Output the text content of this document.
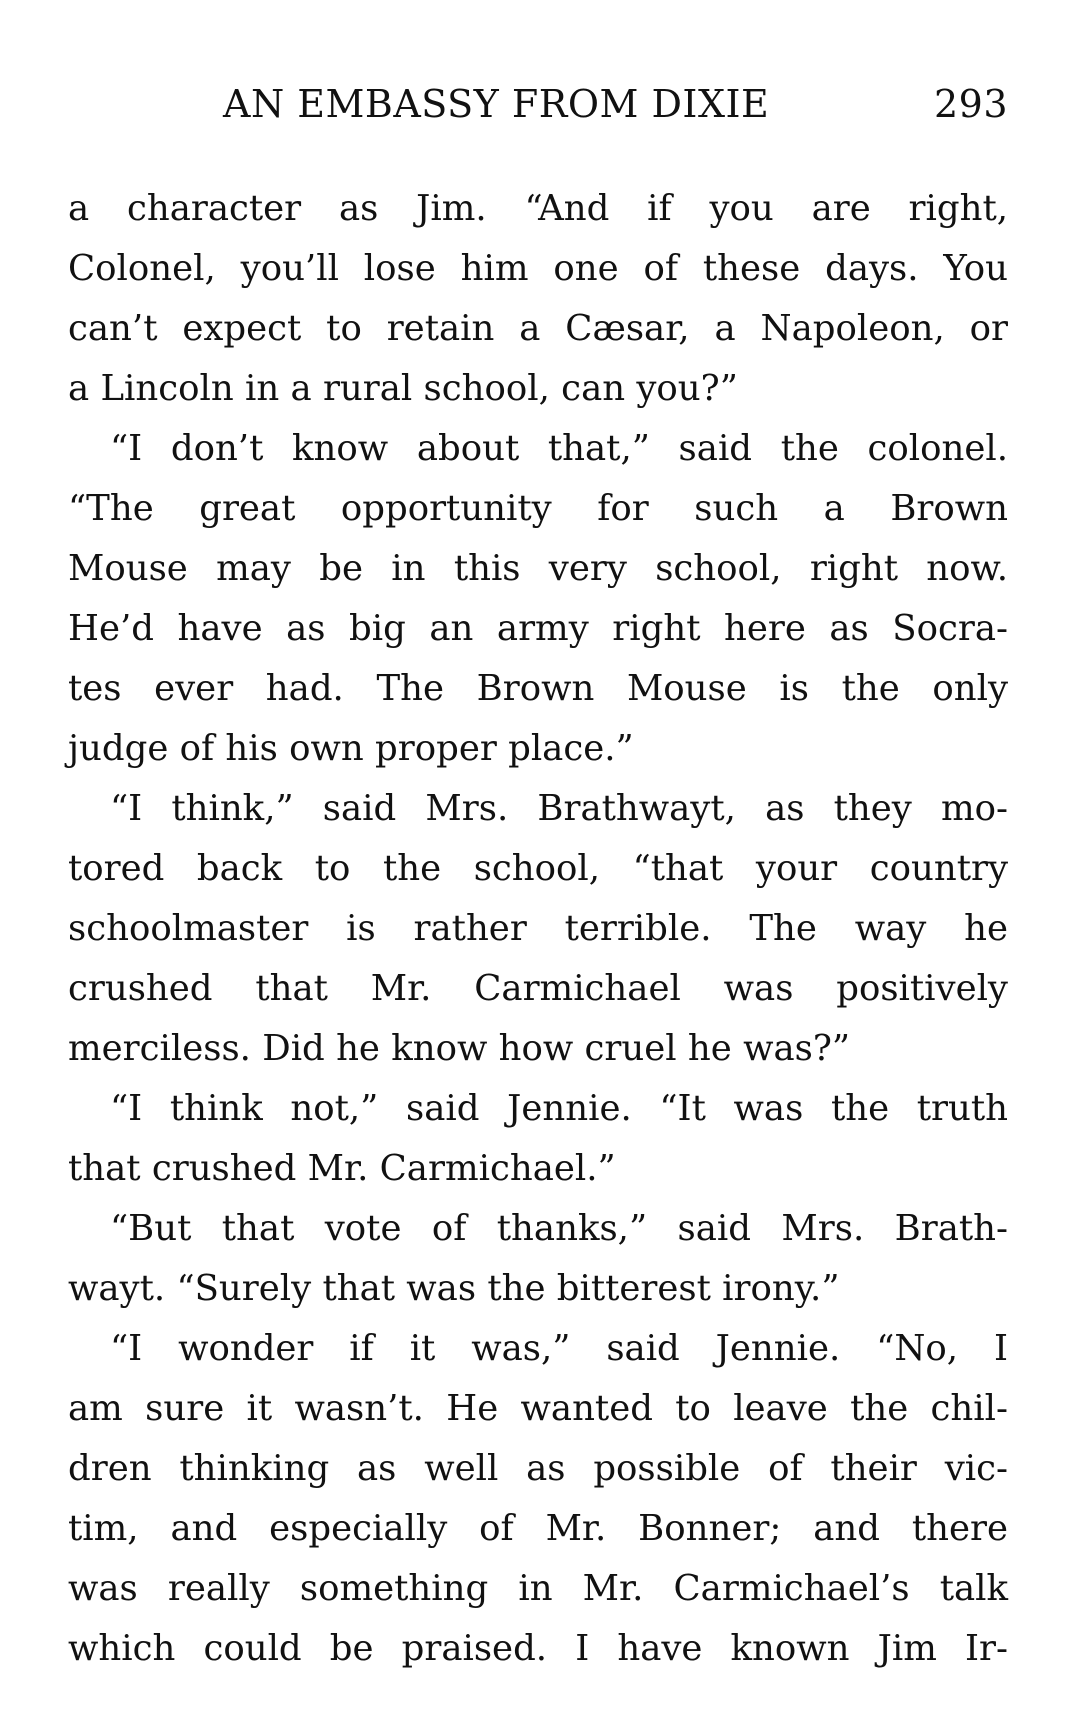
AN EMBASSY FROM DIXIE	293
a character as Jim. “And if you are right,
Colonel, you’ll lose him one of these days. You
can’t expect to retain a Cæsar, a Napoleon, or
a Lincoln in a rural school, can you?”
“I don’t know about that,” said the colonel.
“The great opportunity for such a Brown
Mouse may be in this very school, right now.
He’d have as big an army right here as Socra-
tes ever had. The Brown Mouse is the only
judge of his own proper place.”
“I think,” said Mrs. Brathwayt, as they mo-
tored back to the school, “that your country
schoolmaster is rather terrible. The way he
crushed that Mr. Carmichael was positively
merciless. Did he know how cruel he was?”
“I think not,” said Jennie. “It was the truth
that crushed Mr. Carmichael.”
“But that vote of thanks,” said Mrs. Brath-
wayt. “Surely that was the bitterest irony.”
“I wonder if it was,” said Jennie. “No, I
am sure it wasn’t. He wanted to leave the chil-
dren thinking as well as possible of their vic-
tim, and especially of Mr. Bonner; and there
was really something in Mr. Carmichael’s talk
which could be praised. I have known Jim Ir-
